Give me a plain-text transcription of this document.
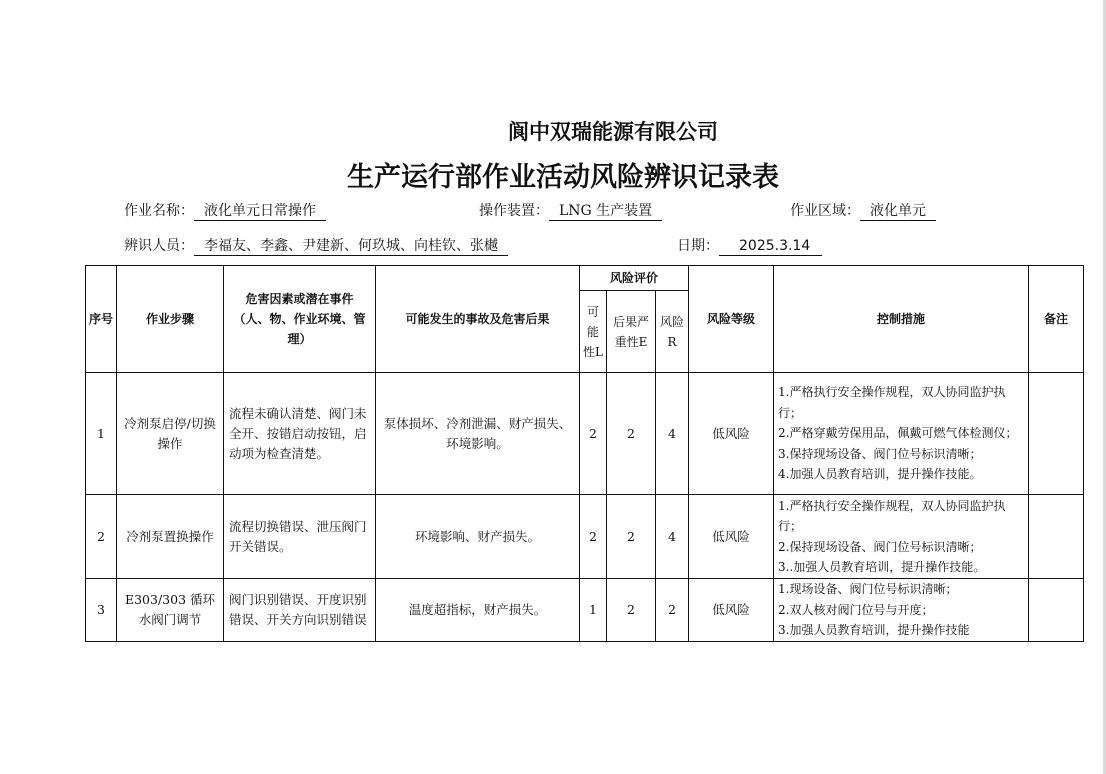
阆中双瑞能源有限公司
生产运行部作业活动风险辨识记录表
作业名称： 液化单元日常操作	操作装置： LNG 生产装置	作业区域： 液化单元
辨识人员： 李福友、李鑫、尹建新、何玖城、向桂钦、张樾	日期： 2025.3.14
序号	作业步骤	危害因素或潜在事件（人、物、作业环境、管理）	可能发生的事故及危害后果	风险评价			风险等级	控制措施	备注
				可能性L	后果严重性E	风险R			
1	冷剂泵启停/切换操作	流程未确认清楚、阀门未全开、按错启动按钮，启动项为检查清楚。	泵体损坏、冷剂泄漏、财产损失、环境影响。	2	2	4	低风险	1.严格执行安全操作规程，双人协同监护执行；
2.严格穿戴劳保用品，佩戴可燃气体检测仪；
3.保持现场设备、阀门位号标识清晰；
4.加强人员教育培训，提升操作技能。	

2	冷剂泵置换操作	流程切换错误、泄压阀门开关错误。	环境影响、财产损失。	2	2	4	低风险	1.严格执行安全操作规程，双人协同监护执行；
2.保持现场设备、阀门位号标识清晰；
3..加强人员教育培训，提升操作技能。	

3	E303/303 循环水阀门调节	阀门识别错误、开度识别错误、开关方向识别错误	温度超指标，财产损失。	1	2	2	低风险	1.现场设备、阀门位号标识清晰；
2.双人核对阀门位号与开度；
3.加强人员教育培训，提升操作技能	
